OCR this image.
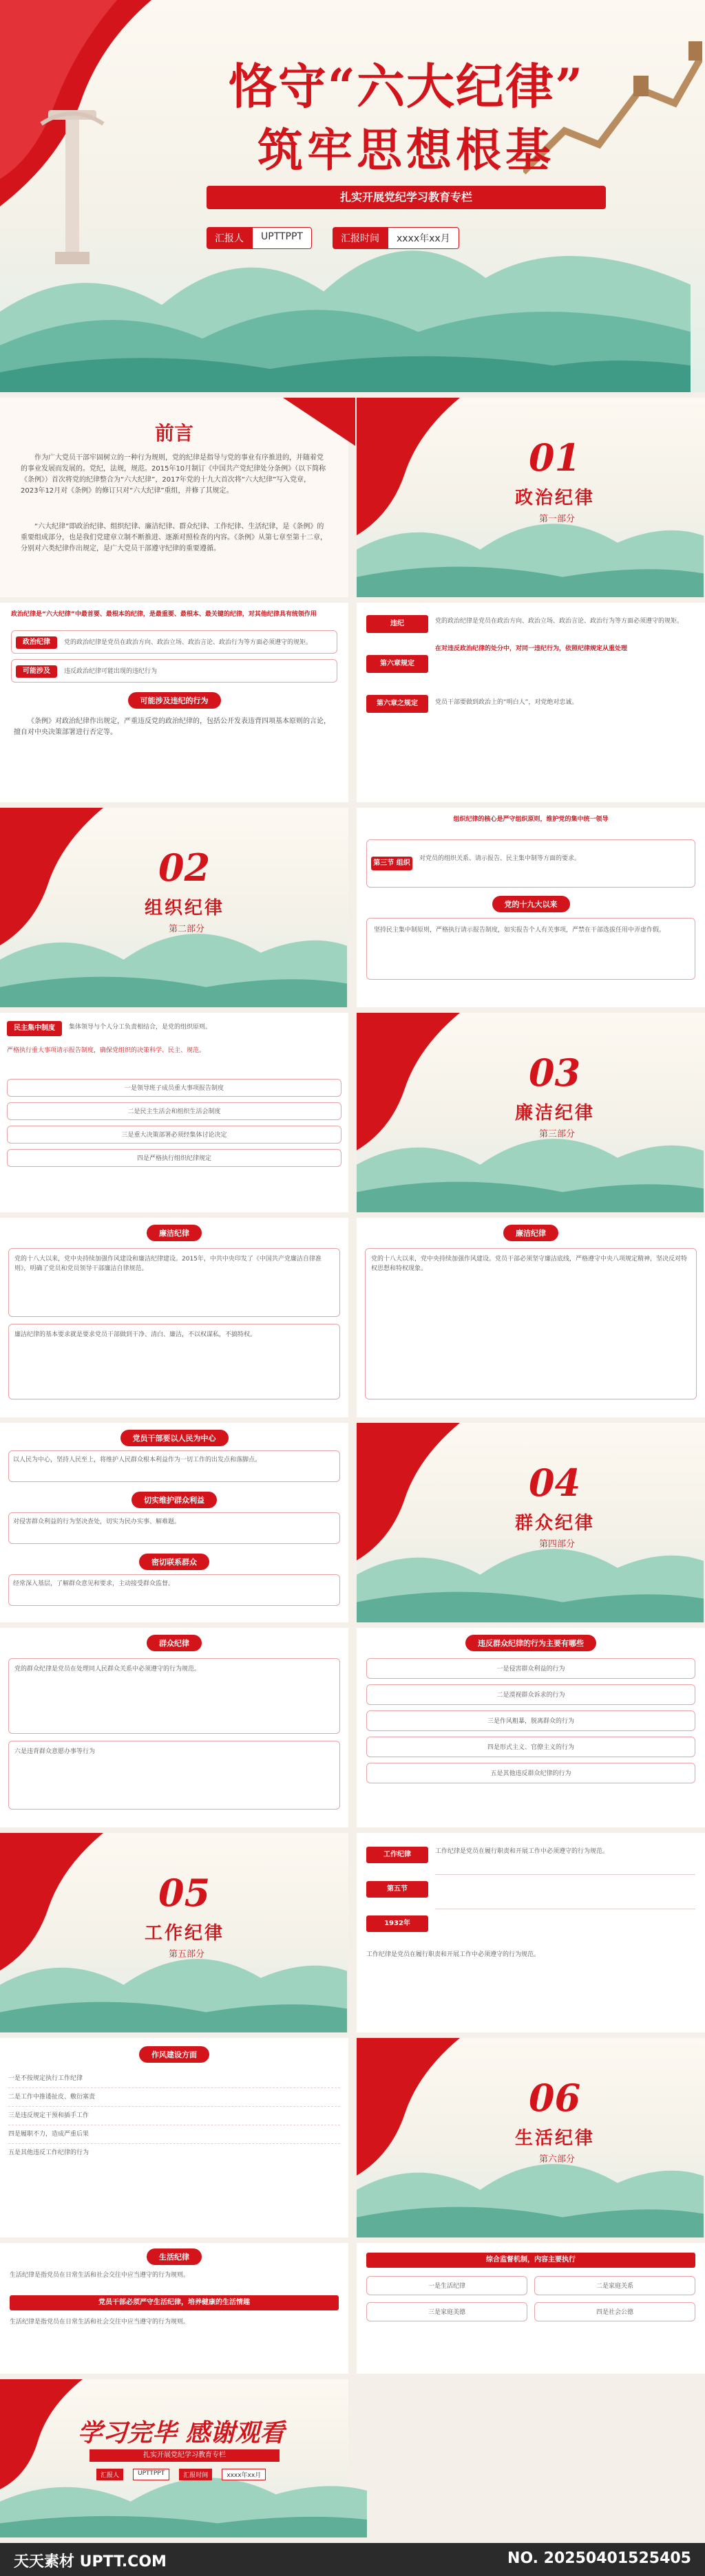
恪守“六大纪律”
筑牢思想根基
扎实开展党纪学习教育专栏
汇报人	UPTTPPT	汇报时间	xxxx年xx月
前言
作为广大党员干部牢固树立的一种行为规则，党的纪律是指导与党的事业有序推进的，并随着党的事业发展而发展的。党纪，法规，规范。2015年10月制订《中国共产党纪律处分条例》（以下简称《条例》）首次将党的纪律整合为“六大纪律”，2017年党的十九大首次将“六大纪律”写入党章，2023年12月对《条例》的修订只对“六大纪律”重组，并修了其规定。
“六大纪律”即政治纪律、组织纪律、廉洁纪律、群众纪律、工作纪律、生活纪律，是《条例》的重要组成部分，也是我们党建章立制不断推进、逐渐对照检查的内容。《条例》从第七章至第十二章，分别对六类纪律作出规定，是广大党员干部遵守纪律的重要遵循。
01
政治纪律
第一部分
政治纪律是“六大纪律”中最首要、最根本的纪律，是最重要、最根本、最关键的纪律，对其他纪律具有统领作用
政治纪律	党的政治纪律是党员在政治方向、政治立场、政治言论、政治行为等方面必须遵守的规矩。
可能涉及	违反政治纪律可能出现的违纪行为
可能涉及违纪的行为
《条例》对政治纪律作出规定，严重违反党的政治纪律的，包括公开发表违背四项基本原则的言论，擅自对中央决策部署进行否定等。
违纪
第六章规定
第六章之规定
党的政治纪律是党员在政治方向、政治立场、政治言论、政治行为等方面必须遵守的规矩。
在对违反政治纪律的处分中，对同一违纪行为，依照纪律规定从重处理
党员干部要做到政治上的“明白人”，对党绝对忠诚。
02
组织纪律
第二部分
组织纪律的核心是严守组织原则，维护党的集中统一领导
第三节 组织纪律
对党员的组织关系、请示报告、民主集中制等方面的要求。
党的十九大以来
坚持民主集中制原则，严格执行请示报告制度，如实报告个人有关事项，严禁在干部选拔任用中弄虚作假。
民主集中制度	集体领导与个人分工负责相结合，是党的组织原则。
严格执行重大事项请示报告制度，确保党组织的决策科学、民主、规范。
一是领导班子成员重大事项报告制度
二是民主生活会和组织生活会制度
三是重大决策部署必须经集体讨论决定
四是严格执行组织纪律规定
03
廉洁纪律
第三部分
廉洁纪律
党的十八大以来，党中央持续加强作风建设和廉洁纪律建设。2015年，中共中央印发了《中国共产党廉洁自律准则》，明确了党员和党员领导干部廉洁自律规范。
廉洁纪律的基本要求就是要求党员干部做到干净、清白、廉洁，不以权谋私，不搞特权。
廉洁纪律
党的十八大以来，党中央持续加强作风建设。党员干部必须坚守廉洁底线，严格遵守中央八项规定精神，坚决反对特权思想和特权现象。
党员干部要以人民为中心
以人民为中心，坚持人民至上，将维护人民群众根本利益作为一切工作的出发点和落脚点。
切实维护群众利益
对侵害群众利益的行为坚决查处，切实为民办实事、解难题。
密切联系群众
经常深入基层，了解群众意见和要求，主动接受群众监督。
04
群众纪律
第四部分
群众纪律
党的群众纪律是党员在处理同人民群众关系中必须遵守的行为规范。
六是违背群众意愿办事等行为
违反群众纪律的行为主要有哪些
一是侵害群众利益的行为
二是漠视群众诉求的行为
三是作风粗暴，脱离群众的行为
四是形式主义、官僚主义的行为
五是其他违反群众纪律的行为
05
工作纪律
第五部分
工作纪律
第五节
1932年
工作纪律是党员在履行职责和开展工作中必须遵守的行为规范。
工作纪律是党员在履行职责和开展工作中必须遵守的行为规范。
作风建设方面
一是不按规定执行工作纪律
二是工作中推诿扯皮、敷衍塞责
三是违反规定干预和插手工作
四是履职不力，造成严重后果
五是其他违反工作纪律的行为
06
生活纪律
第六部分
生活纪律
生活纪律是指党员在日常生活和社会交往中应当遵守的行为规则。
党员干部必须严守生活纪律，培养健康的生活情趣
生活纪律是指党员在日常生活和社会交往中应当遵守的行为规则。
综合监督机制，内容主要执行
一是生活纪律	二是家庭关系
三是家庭美德	四是社会公德
学习完毕 感谢观看
扎实开展党纪学习教育专栏
汇报人	UPTTPPT	汇报时间	xxxx年xx月
天天素材 UPTT.COM	NO. 20250401525405
